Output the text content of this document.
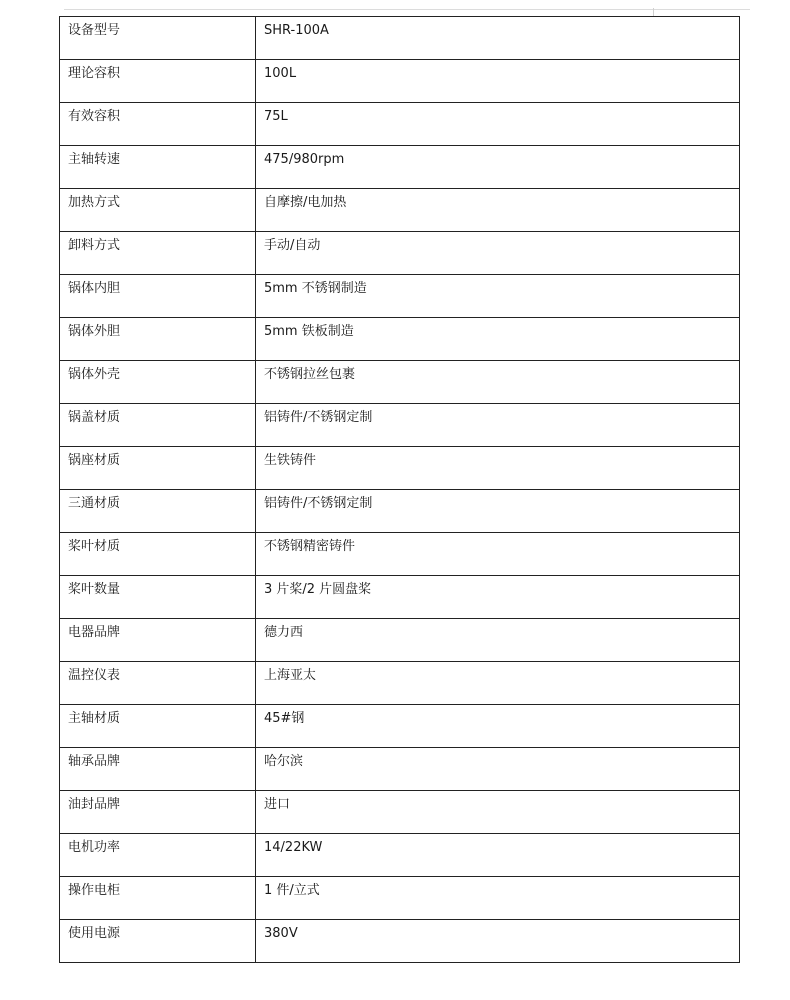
设备型号	SHR-100A
理论容积	100L
有效容积	75L
主轴转速	475/980rpm
加热方式	自摩擦/电加热
卸料方式	手动/自动
锅体内胆	5mm 不锈钢制造
锅体外胆	5mm 铁板制造
锅体外壳	不锈钢拉丝包裹
锅盖材质	铝铸件/不锈钢定制
锅座材质	生铁铸件
三通材质	铝铸件/不锈钢定制
桨叶材质	不锈钢精密铸件
桨叶数量	3 片桨/2 片圆盘桨
电器品牌	德力西
温控仪表	上海亚太
主轴材质	45#钢
轴承品牌	哈尔滨
油封品牌	进口
电机功率	14/22KW
操作电柜	1 件/立式
使用电源	380V
